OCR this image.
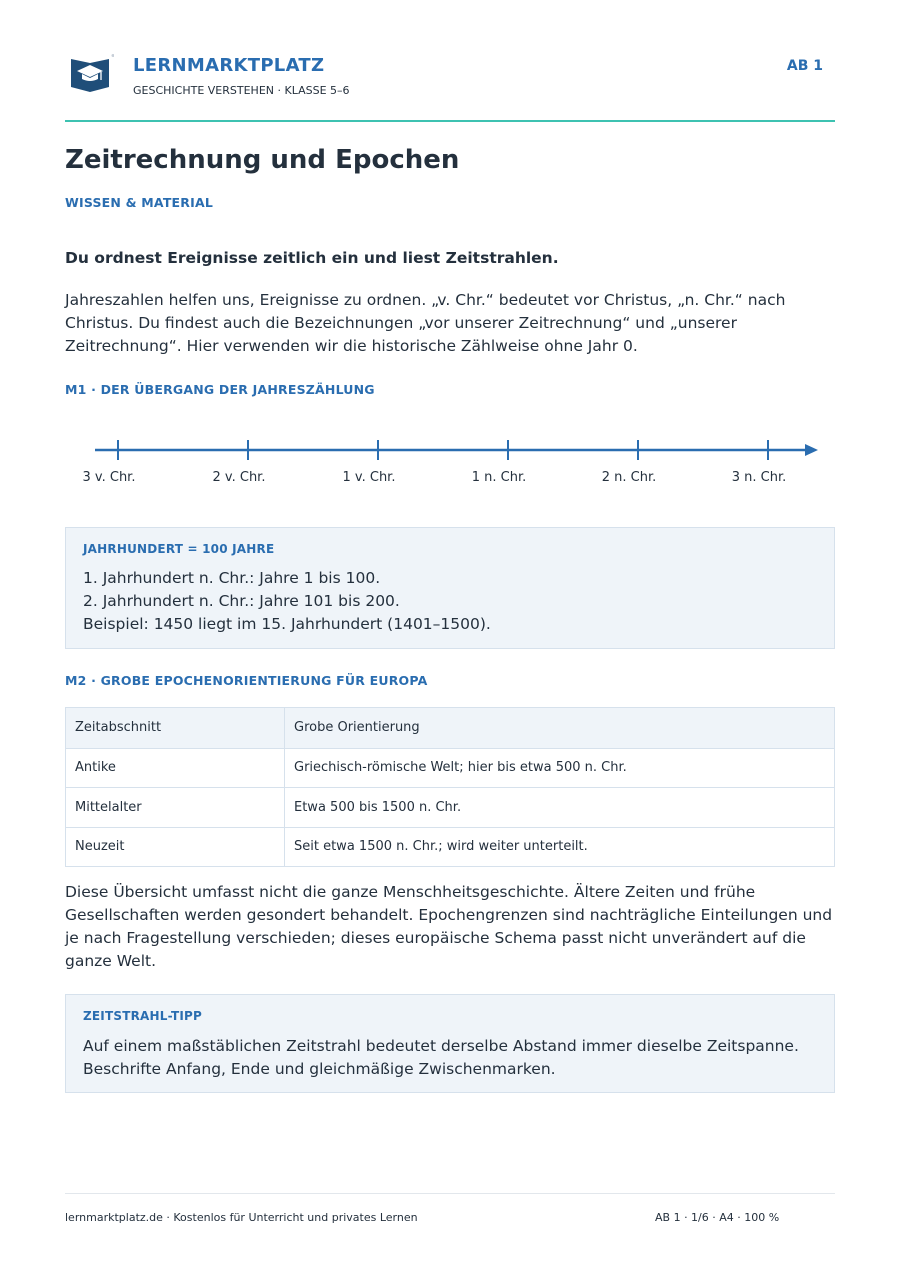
LERNMARKTPLATZ
GESCHICHTE VERSTEHEN · KLASSE 5–6
AB 1
Zeitrechnung und Epochen
WISSEN & MATERIAL
Du ordnest Ereignisse zeitlich ein und liest Zeitstrahlen.

Jahreszahlen helfen uns, Ereignisse zu ordnen. „v. Chr.“ bedeutet vor Christus, „n. Chr.“ nach Christus. Du findest auch die Bezeichnungen „vor unserer Zeitrechnung“ und „unserer Zeitrechnung“. Hier verwenden wir die historische Zählweise ohne Jahr 0.

M1 · DER ÜBERGANG DER JAHRESZÄHLUNG
3 v. Chr.	2 v. Chr.	1 v. Chr.	1 n. Chr.	2 n. Chr.	3 n. Chr.
JAHRHUNDERT = 100 JAHRE
1. Jahrhundert n. Chr.: Jahre 1 bis 100.
2. Jahrhundert n. Chr.: Jahre 101 bis 200.
Beispiel: 1450 liegt im 15. Jahrhundert (1401–1500).
M2 · GROBE EPOCHENORIENTIERUNG FÜR EUROPA
Zeitabschnitt	Grobe Orientierung
Antike	Griechisch-römische Welt; hier bis etwa 500 n. Chr.
Mittelalter	Etwa 500 bis 1500 n. Chr.
Neuzeit	Seit etwa 1500 n. Chr.; wird weiter unterteilt.

Diese Übersicht umfasst nicht die ganze Menschheitsgeschichte. Ältere Zeiten und frühe Gesellschaften werden gesondert behandelt. Epochengrenzen sind nachträgliche Einteilungen und je nach Fragestellung verschieden; dieses europäische Schema passt nicht unverändert auf die ganze Welt.

ZEITSTRAHL-TIPP
Auf einem maßstäblichen Zeitstrahl bedeutet derselbe Abstand immer dieselbe Zeitspanne.
Beschrifte Anfang, Ende und gleichmäßige Zwischenmarken.
lernmarktplatz.de · Kostenlos für Unterricht und privates Lernen	AB 1 · 1/6 · A4 · 100 %
